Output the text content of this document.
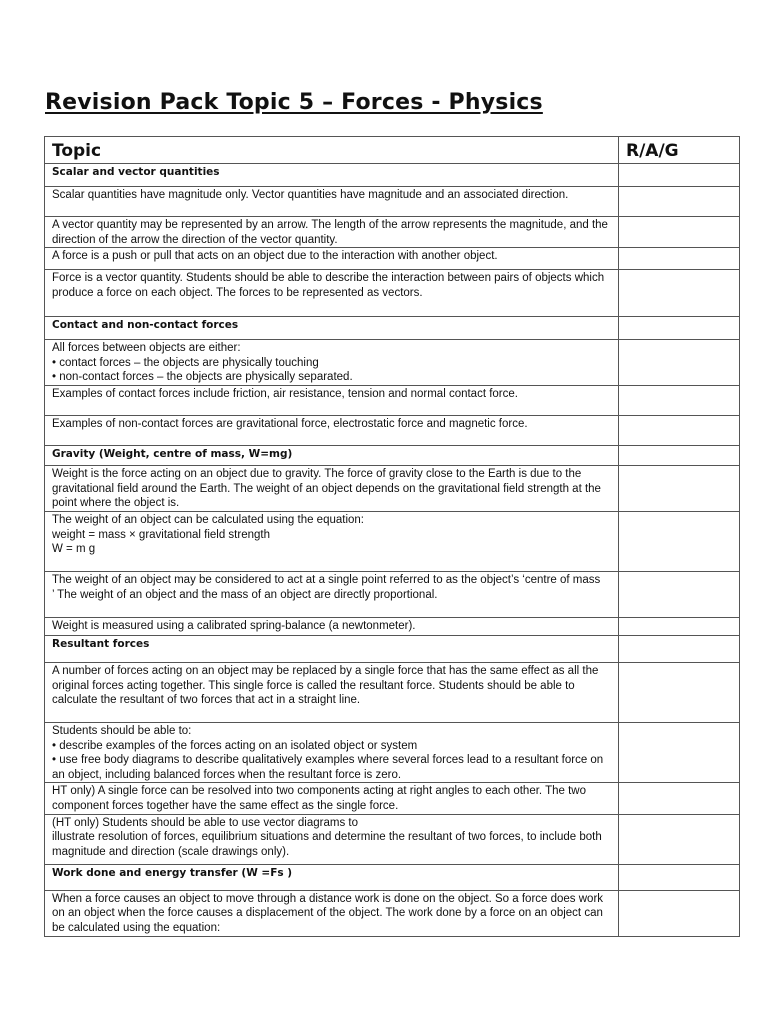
Revision Pack Topic 5 – Forces - Physics
Topic	R/A/G
Scalar and vector quantities	
Scalar quantities have magnitude only. Vector quantities have magnitude and an associated direction.	
A vector quantity may be represented by an arrow. The length of the arrow represents the magnitude, and the direction of the arrow the direction of the vector quantity.	
A force is a push or pull that acts on an object due to the interaction with another object.	
Force is a vector quantity. Students should be able to describe the interaction between pairs of objects which produce a force on each object. The forces to be represented as vectors.	
Contact and non-contact forces	
All forces between objects are either:
• contact forces – the objects are physically touching
• non-contact forces – the objects are physically separated.	
Examples of contact forces include friction, air resistance, tension and normal contact force.	
Examples of non-contact forces are gravitational force, electrostatic force and magnetic force.	
Gravity (Weight, centre of mass, W=mg)	
Weight is the force acting on an object due to gravity. The force of gravity close to the Earth is due to the gravitational field around the Earth. The weight of an object depends on the gravitational field strength at the point where the object is.	
The weight of an object can be calculated using the equation:
weight = mass × gravitational field strength
W = m g	
The weight of an object may be considered to act at a single point referred to as the object’s ‘centre of mass
’ The weight of an object and the mass of an object are directly proportional.	
Weight is measured using a calibrated spring-balance (a newtonmeter).	
Resultant forces	
A number of forces acting on an object may be replaced by a single force that has the same effect as all the original forces acting together. This single force is called the resultant force. Students should be able to calculate the resultant of two forces that act in a straight line.	
Students should be able to:
• describe examples of the forces acting on an isolated object or system
• use free body diagrams to describe qualitatively examples where several forces lead to a resultant force on an object, including balanced forces when the resultant force is zero.	
HT only) A single force can be resolved into two components acting at right angles to each other. The two component forces together have the same effect as the single force.	
(HT only) Students should be able to use vector diagrams to
illustrate resolution of forces, equilibrium situations and determine the resultant of two forces, to include both magnitude and direction (scale drawings only).	
Work done and energy transfer (W =Fs )	
When a force causes an object to move through a distance work is done on the object. So a force does work on an object when the force causes a displacement of the object. The work done by a force on an object can be calculated using the equation:	
